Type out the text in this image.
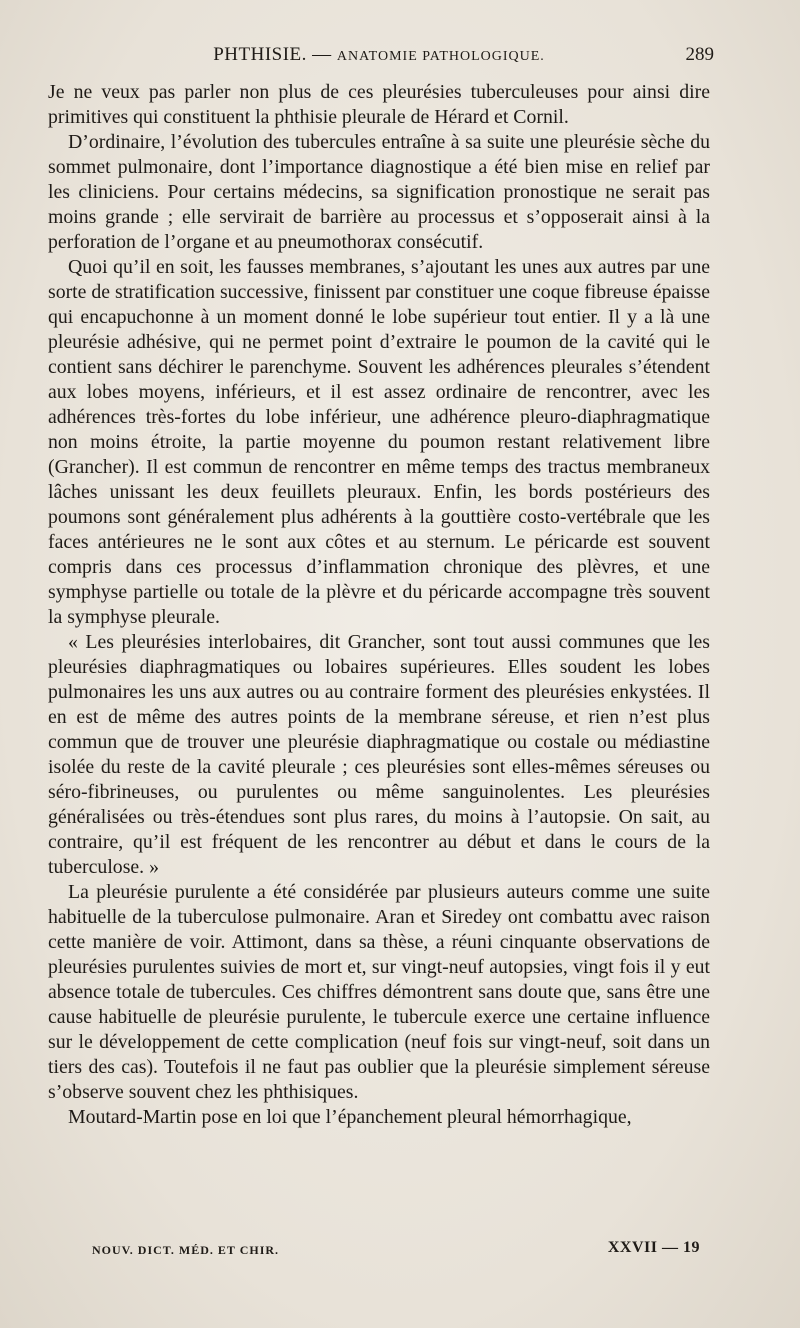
PHTHISIE. — ANATOMIE PATHOLOGIQUE.	289

Je ne veux pas parler non plus de ces pleurésies tuberculeuses pour ainsi dire primitives qui constituent la phthisie pleurale de Hérard et Cornil.

D’ordinaire, l’évolution des tubercules entraîne à sa suite une pleurésie sèche du sommet pulmonaire, dont l’importance diagnostique a été bien mise en relief par les cliniciens. Pour certains médecins, sa signification pronostique ne serait pas moins grande ; elle servirait de barrière au processus et s’opposerait ainsi à la perforation de l’organe et au pneumothorax consécutif.

Quoi qu’il en soit, les fausses membranes, s’ajoutant les unes aux autres par une sorte de stratification successive, finissent par constituer une coque fibreuse épaisse qui encapuchonne à un moment donné le lobe supérieur tout entier. Il y a là une pleurésie adhésive, qui ne permet point d’extraire le poumon de la cavité qui le contient sans déchirer le parenchyme. Souvent les adhérences pleurales s’étendent aux lobes moyens, inférieurs, et il est assez ordinaire de rencontrer, avec les adhérences très-fortes du lobe inférieur, une adhérence pleuro-diaphragmatique non moins étroite, la partie moyenne du poumon restant relativement libre (Grancher). Il est commun de rencontrer en même temps des tractus membraneux lâches unissant les deux feuillets pleuraux. Enfin, les bords postérieurs des poumons sont généralement plus adhérents à la gouttière costo-vertébrale que les faces antérieures ne le sont aux côtes et au sternum. Le péricarde est souvent compris dans ces processus d’inflammation chronique des plèvres, et une symphyse partielle ou totale de la plèvre et du péricarde accompagne très souvent la symphyse pleurale.

« Les pleurésies interlobaires, dit Grancher, sont tout aussi communes que les pleurésies diaphragmatiques ou lobaires supérieures. Elles soudent les lobes pulmonaires les uns aux autres ou au contraire forment des pleurésies enkystées. Il en est de même des autres points de la membrane séreuse, et rien n’est plus commun que de trouver une pleurésie diaphragmatique ou costale ou médiastine isolée du reste de la cavité pleurale ; ces pleurésies sont elles-mêmes séreuses ou séro-fibrineuses, ou purulentes ou même sanguinolentes. Les pleurésies généralisées ou très-étendues sont plus rares, du moins à l’autopsie. On sait, au contraire, qu’il est fréquent de les rencontrer au début et dans le cours de la tuberculose. »

La pleurésie purulente a été considérée par plusieurs auteurs comme une suite habituelle de la tuberculose pulmonaire. Aran et Siredey ont combattu avec raison cette manière de voir. Attimont, dans sa thèse, a réuni cinquante observations de pleurésies purulentes suivies de mort et, sur vingt-neuf autopsies, vingt fois il y eut absence totale de tubercules. Ces chiffres démontrent sans doute que, sans être une cause habituelle de pleurésie purulente, le tubercule exerce une certaine influence sur le développement de cette complication (neuf fois sur vingt-neuf, soit dans un tiers des cas). Toutefois il ne faut pas oublier que la pleurésie simplement séreuse s’observe souvent chez les phthisiques.

Moutard-Martin pose en loi que l’épanchement pleural hémorrhagique,

NOUV. DICT. MÉD. ET CHIR.	XXVII — 19
